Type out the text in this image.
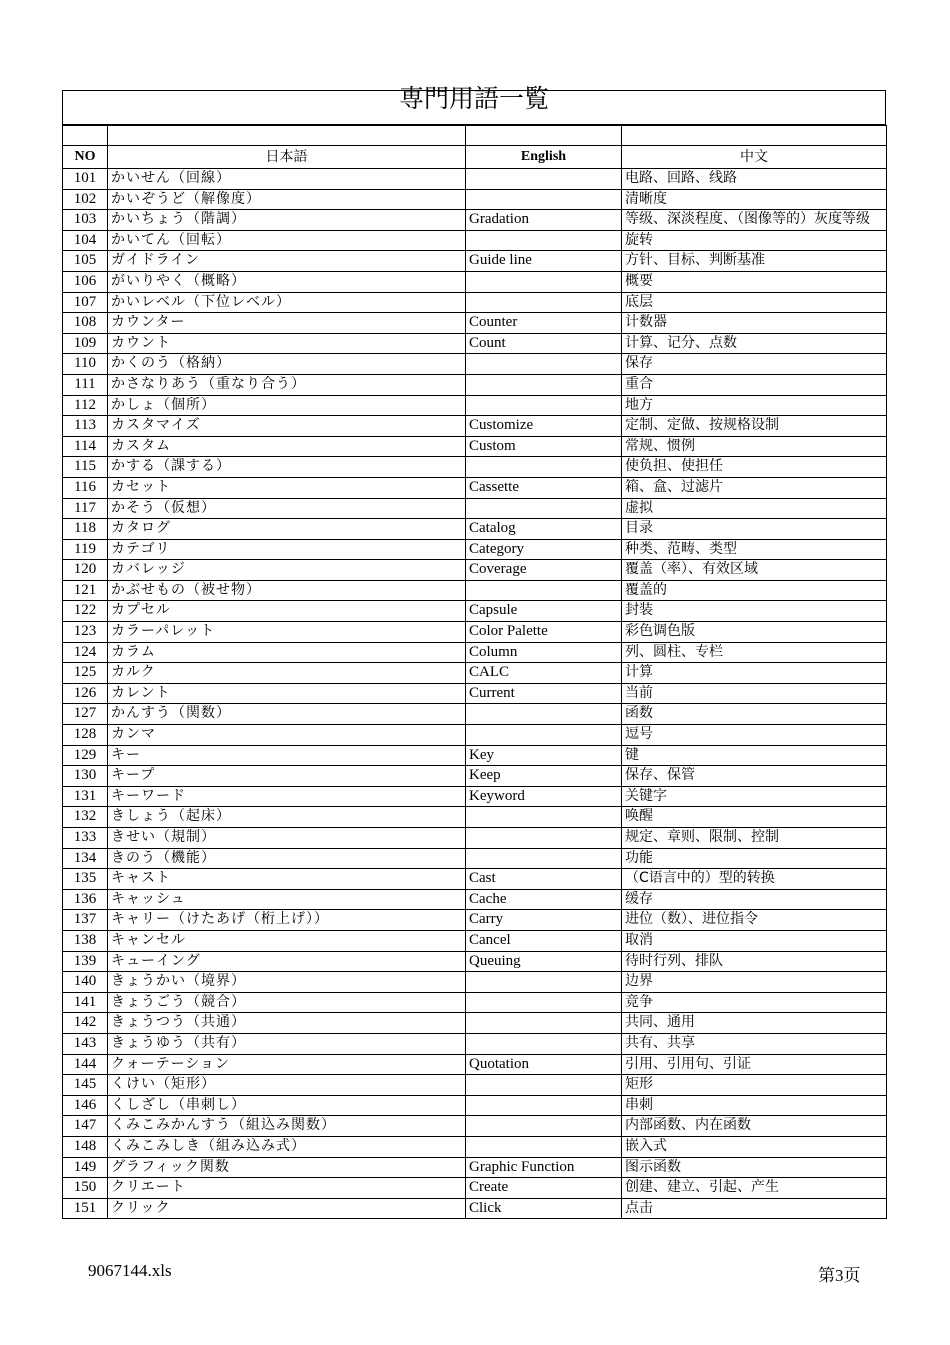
専門用語一覧

NO	日本語	English	中文
101	かいせん（回線）		电路、回路、线路
102	かいぞうど（解像度）		清晰度
103	かいちょう（階調）	Gradation	等级、深淡程度、（图像等的）灰度等级
104	かいてん（回転）		旋转
105	ガイドライン	Guide line	方针、目标、判断基准
106	がいりやく（概略）		概要
107	かいレベル（下位レベル）		底层
108	カウンター	Counter	计数器
109	カウント	Count	计算、记分、点数
110	かくのう（格納）		保存
111	かさなりあう（重なり合う）		重合
112	かしょ（個所）		地方
113	カスタマイズ	Customize	定制、定做、按规格设制
114	カスタム	Custom	常规、惯例
115	かする（課する）		使负担、使担任
116	カセット	Cassette	箱、盒、过滤片
117	かそう（仮想）		虚拟
118	カタログ	Catalog	目录
119	カテゴリ	Category	种类、范畴、类型
120	カバレッジ	Coverage	覆盖（率）、有效区域
121	かぶせもの（被せ物）		覆盖的
122	カプセル	Capsule	封装
123	カラーパレット	Color Palette	彩色调色版
124	カラム	Column	列、圆柱、专栏
125	カルク	CALC	计算
126	カレント	Current	当前
127	かんすう（関数）		函数
128	カンマ		逗号
129	キー	Key	键
130	キープ	Keep	保存、保管
131	キーワード	Keyword	关键字
132	きしょう（起床）		唤醒
133	きせい（規制）		规定、章则、限制、控制
134	きのう（機能）		功能
135	キャスト	Cast	（C语言中的）型的转换
136	キャッシュ	Cache	缓存
137	キャリー（けたあげ（桁上げ））	Carry	进位（数）、进位指令
138	キャンセル	Cancel	取消
139	キューイング	Queuing	待时行列、排队
140	きょうかい（境界）		边界
141	きょうごう（競合）		竞争
142	きょうつう（共通）		共同、通用
143	きょうゆう（共有）		共有、共享
144	クォーテーション	Quotation	引用、引用句、引证
145	くけい（矩形）		矩形
146	くしざし（串刺し）		串刺
147	くみこみかんすう（組込み関数）		内部函数、内在函数
148	くみこみしき（組み込み式）		嵌入式
149	グラフィック関数	Graphic Function	图示函数
150	クリエート	Create	创建、建立、引起、产生
151	クリック	Click	点击
9067144.xls	第3页
